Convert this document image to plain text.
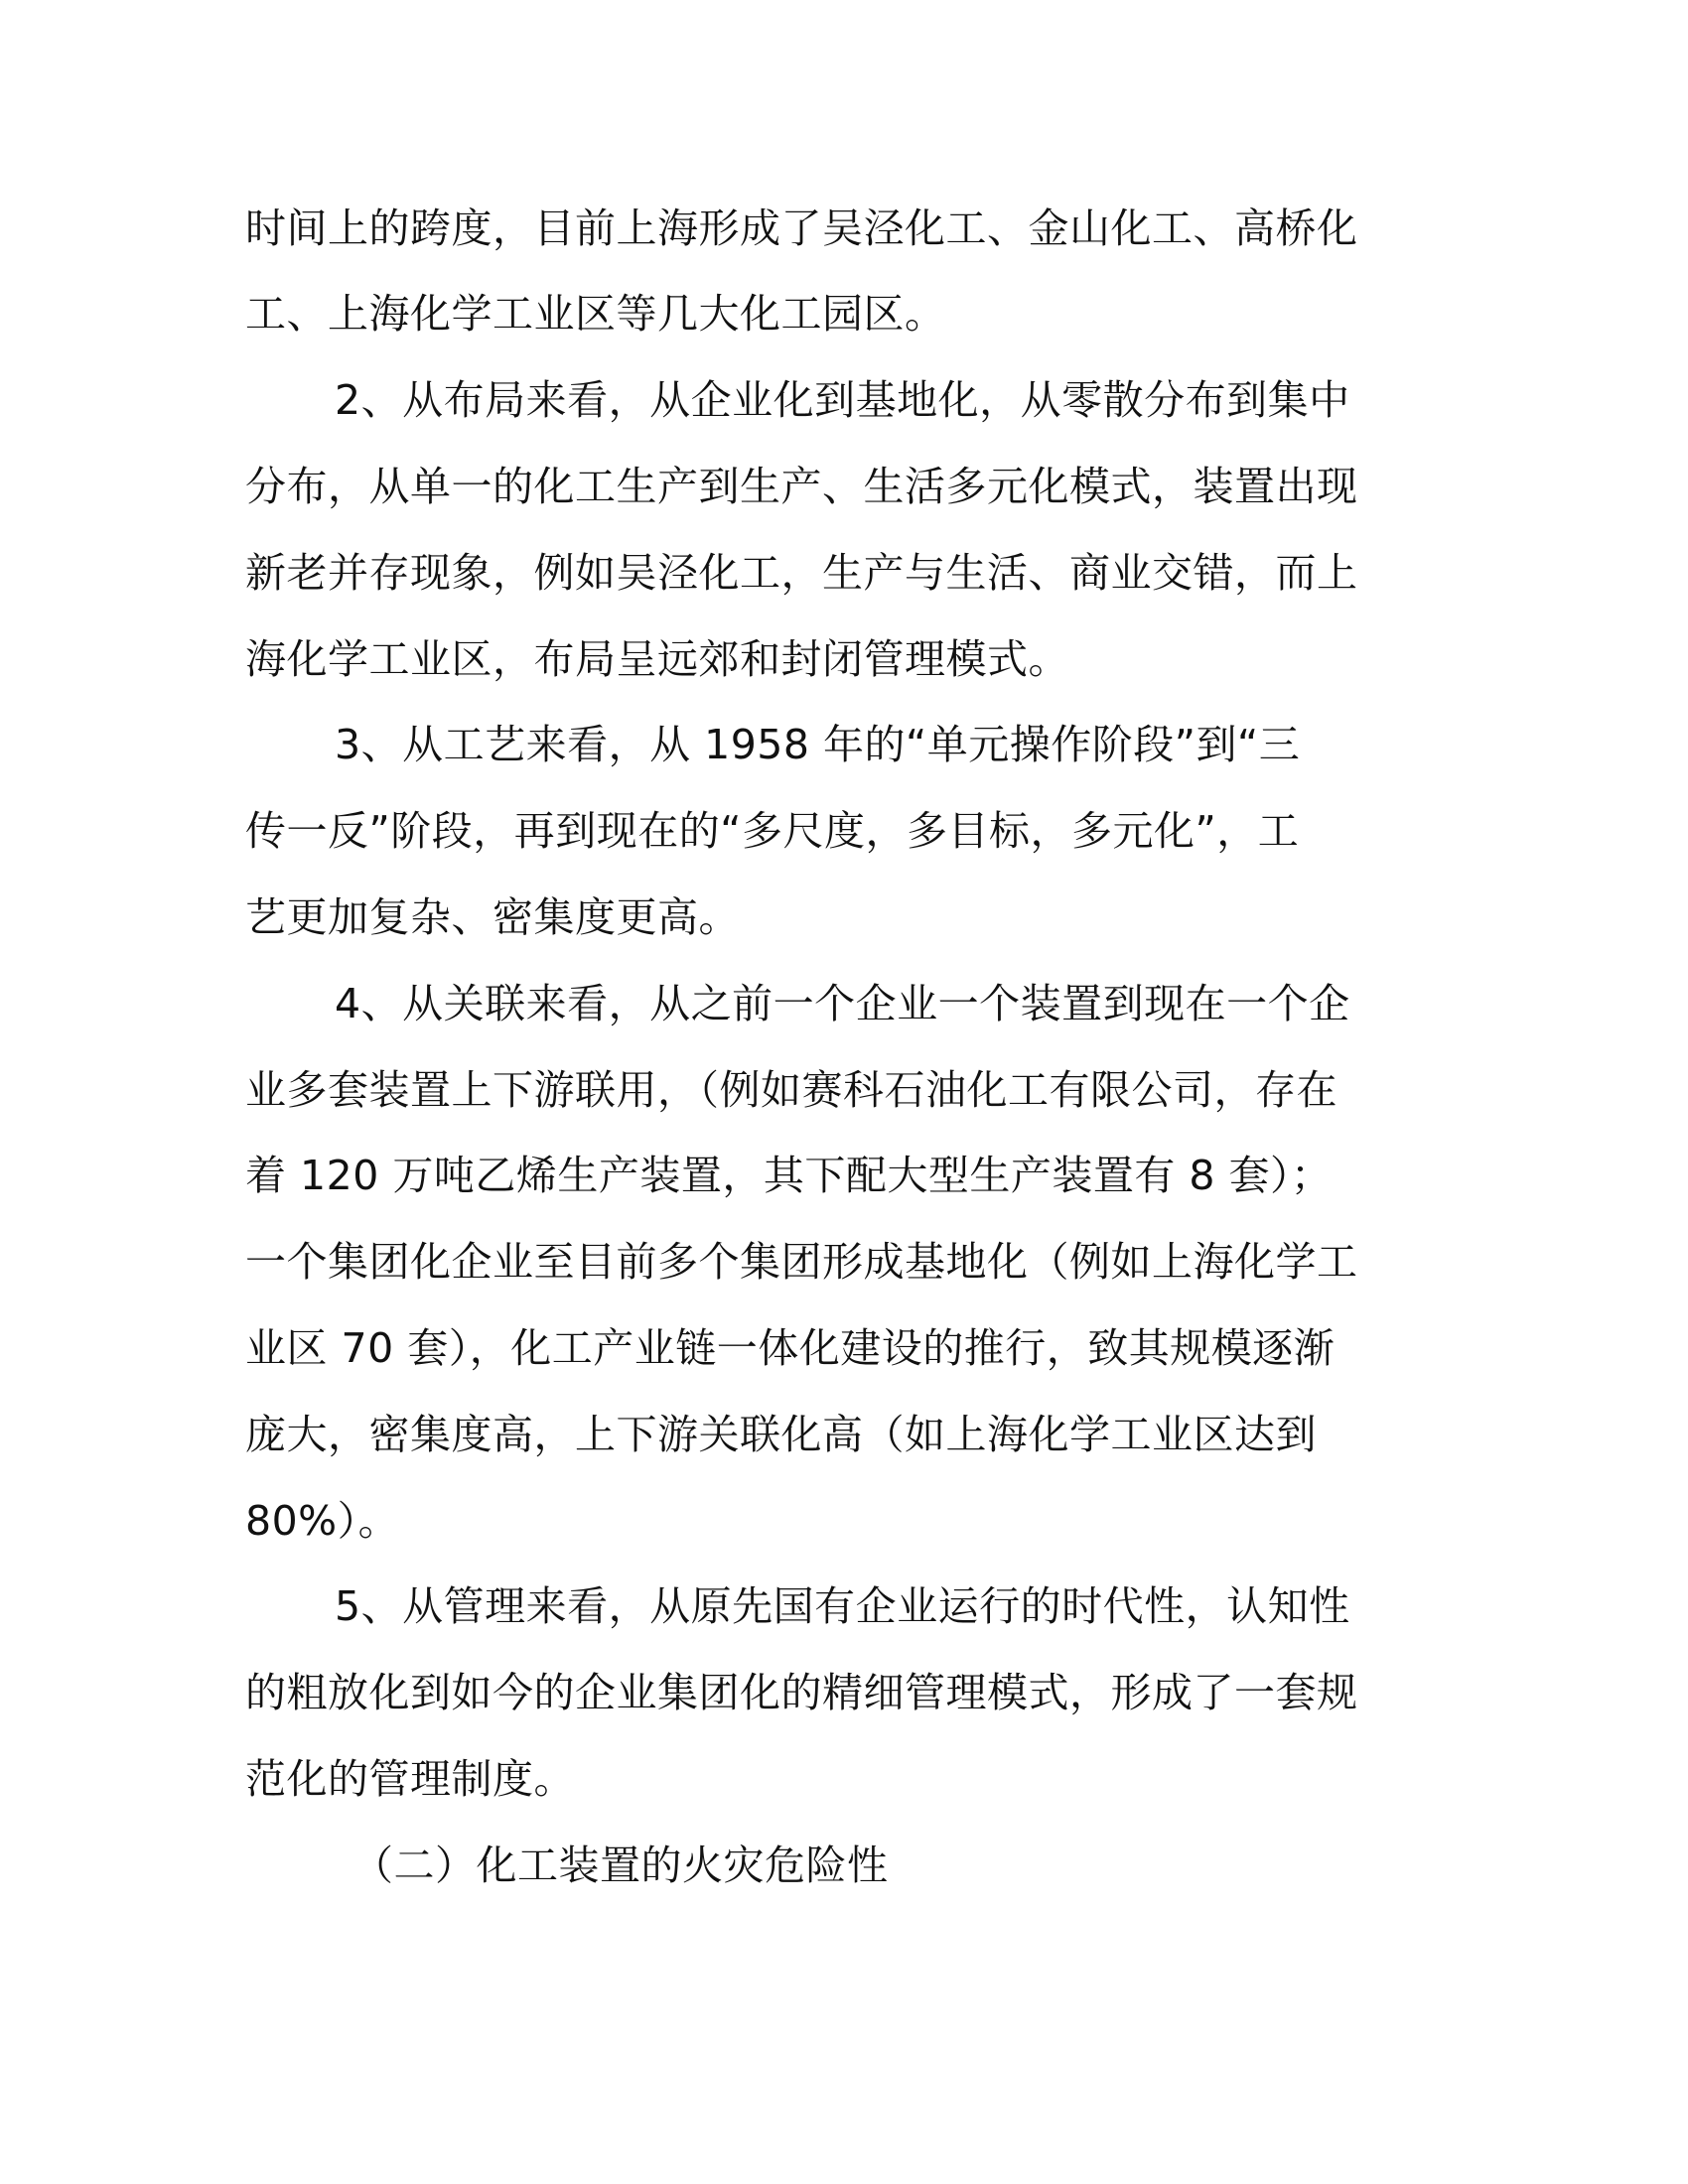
时间上的跨度，目前上海形成了吴泾化工、金山化工、高桥化
工、上海化学工业区等几大化工园区。
2、从布局来看，从企业化到基地化，从零散分布到集中
分布，从单一的化工生产到生产、生活多元化模式，装置出现
新老并存现象，例如吴泾化工，生产与生活、商业交错，而上
海化学工业区，布局呈远郊和封闭管理模式。
3、从工艺来看，从 1958 年的“单元操作阶段”到“三
传一反”阶段，再到现在的“多尺度，多目标，多元化”，工
艺更加复杂、密集度更高。
4、从关联来看，从之前一个企业一个装置到现在一个企
业多套装置上下游联用，（例如赛科石油化工有限公司，存在
着 120 万吨乙烯生产装置，其下配大型生产装置有 8 套）；
一个集团化企业至目前多个集团形成基地化（例如上海化学工
业区 70 套），化工产业链一体化建设的推行，致其规模逐渐
庞大，密集度高，上下游关联化高（如上海化学工业区达到
80%）。
5、从管理来看，从原先国有企业运行的时代性，认知性
的粗放化到如今的企业集团化的精细管理模式，形成了一套规
范化的管理制度。
（二）化工装置的火灾危险性
